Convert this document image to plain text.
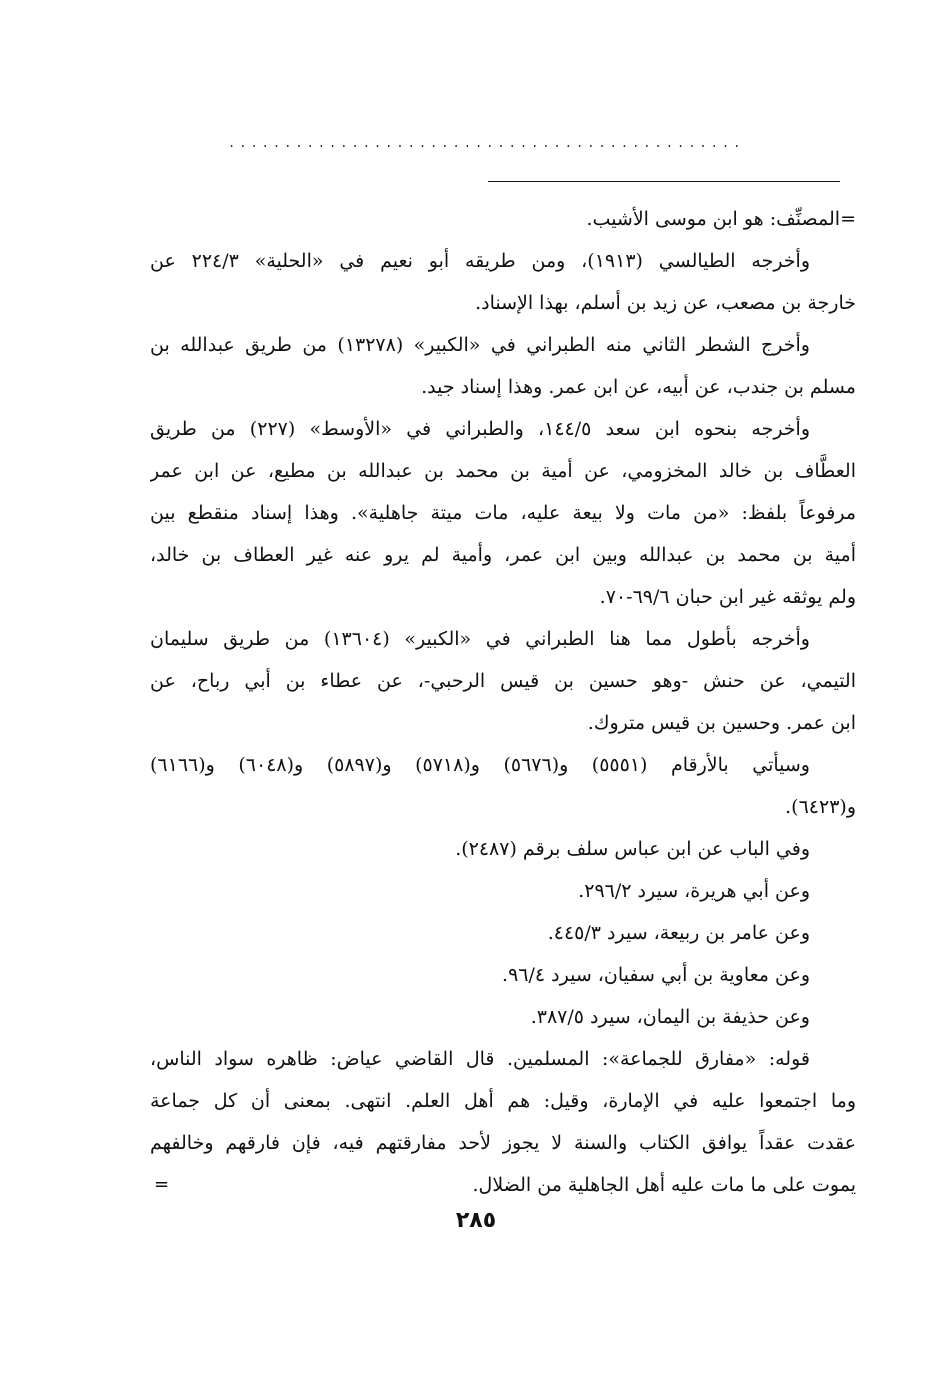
..............................................
=المصنِّف: هو ابن موسى الأشيب.
وأخرجه الطيالسي (١٩١٣)، ومن طريقه أبو نعيم في «الحلية» ٢٢٤/٣ عن
خارجة بن مصعب، عن زيد بن أسلم، بهذا الإسناد.
وأخرج الشطر الثاني منه الطبراني في «الكبير» (١٣٢٧٨) من طريق عبدالله بن
مسلم بن جندب، عن أبيه، عن ابن عمر. وهذا إسناد جيد.
وأخرجه بنحوه ابن سعد ١٤٤/٥، والطبراني في «الأوسط» (٢٢٧) من طريق
العطَّاف بن خالد المخزومي، عن أمية بن محمد بن عبدالله بن مطيع، عن ابن عمر
مرفوعاً بلفظ: «من مات ولا بيعة عليه، مات ميتة جاهلية». وهذا إسناد منقطع بين
أمية بن محمد بن عبدالله وبين ابن عمر، وأمية لم يرو عنه غير العطاف بن خالد،
ولم يوثقه غير ابن حبان ٦٩/٦-٧٠.
وأخرجه بأطول مما هنا الطبراني في «الكبير» (١٣٦٠٤) من طريق سليمان
التيمي، عن حنش -وهو حسين بن قيس الرحبي-، عن عطاء بن أبي رباح، عن
ابن عمر. وحسين بن قيس متروك.
وسيأتي بالأرقام (٥٥٥١) و(٥٦٧٦) و(٥٧١٨) و(٥٨٩٧) و(٦٠٤٨) و(٦١٦٦)
و(٦٤٢٣).
وفي الباب عن ابن عباس سلف برقم (٢٤٨٧).
وعن أبي هريرة، سيرد ٢٩٦/٢.
وعن عامر بن ربيعة، سيرد ٤٤٥/٣.
وعن معاوية بن أبي سفيان، سيرد ٩٦/٤.
وعن حذيفة بن اليمان، سيرد ٣٨٧/٥.
قوله: «مفارق للجماعة»: المسلمين. قال القاضي عياض: ظاهره سواد الناس،
وما اجتمعوا عليه في الإمارة، وقيل: هم أهل العلم. انتهى. بمعنى أن كل جماعة
عقدت عقداً يوافق الكتاب والسنة لا يجوز لأحد مفارقتهم فيه، فإن فارقهم وخالفهم
يموت على ما مات عليه أهل الجاهلية من الضلال.
=
٢٨٥
